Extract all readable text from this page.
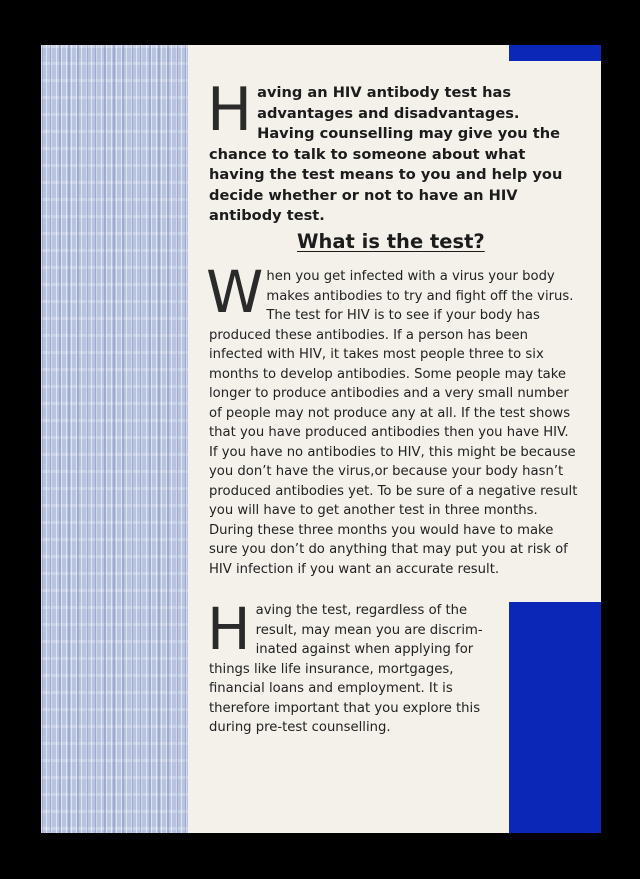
Having an HIV antibody test has advantages and disadvantages. Having counselling may give you the chance to talk to someone about what having the test means to you and help you decide whether or not to have an HIV antibody test.
What is the test?
When you get infected with a virus your body makes antibodies to try and fight off the virus. The test for HIV is to see if your body has produced these antibodies. If a person has been infected with HIV, it takes most people three to six months to develop antibodies. Some people may take longer to produce antibodies and a very small number of people may not produce any at all. If the test shows that you have produced antibodies then you have HIV. If you have no antibodies to HIV, this might be because you don’t have the virus,or because your body hasn’t produced antibodies yet. To be sure of a negative result you will have to get another test in three months. During these three months you would have to make sure you don’t do anything that may put you at risk of HIV infection if you want an accurate result.
Having the test, regardless of the result, may mean you are discrim-inated against when applying for things like life insurance, mortgages, financial loans and employment. It is therefore important that you explore this during pre-test counselling.
